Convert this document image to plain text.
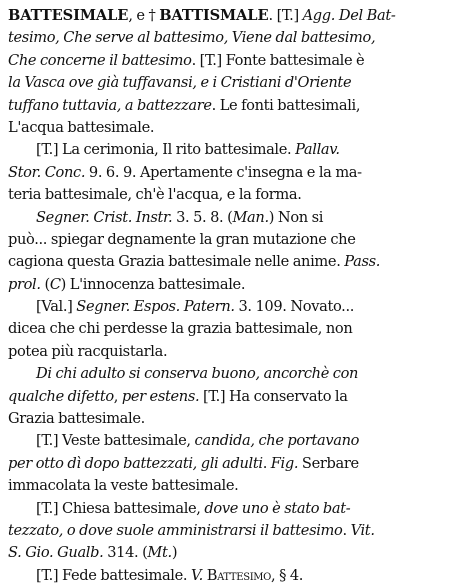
BATTESIMALE, e † BATTISMALE. [T.] Agg. Del Bat-
tesimo, Che serve al battesimo, Viene dal battesimo,
Che concerne il battesimo. [T.] Fonte battesimale è
la Vasca ove già tuffavansi, e i Cristiani d'Oriente
tuffano tuttavia, a battezzare. Le fonti battesimali,
L'acqua battesimale.
[T.] La cerimonia, Il rito battesimale. Pallav.
Stor. Conc. 9. 6. 9. Apertamente c'insegna e la ma-
teria battesimale, ch'è l'acqua, e la forma.
Segner. Crist. Instr. 3. 5. 8. (Man.) Non si
può... spiegar degnamente la gran mutazione che
cagiona questa Grazia battesimale nelle anime. Pass.
prol. (C) L'innocenza battesimale.
[Val.] Segner. Espos. Patern. 3. 109. Novato...
dicea che chi perdesse la grazia battesimale, non
potea più racquistarla.
Di chi adulto si conserva buono, ancorchè con
qualche difetto, per estens. [T.] Ha conservato la
Grazia battesimale.
[T.] Veste battesimale, candida, che portavano
per otto dì dopo battezzati, gli adulti. Fig. Serbare
immacolata la veste battesimale.
[T.] Chiesa battesimale, dove uno è stato bat-
tezzato, o dove suole amministrarsi il battesimo. Vit.
S. Gio. Gualb. 314. (Mt.)
[T.] Fede battesimale. V. Battesimo, § 4.
